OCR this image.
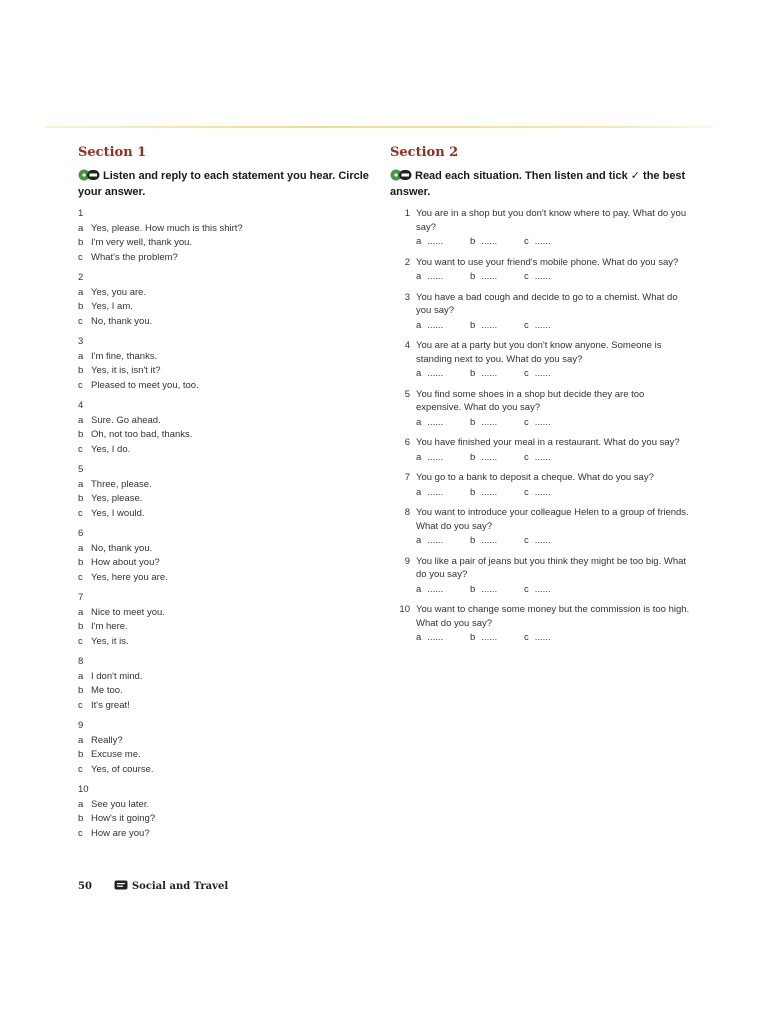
Section 1

Listen and reply to each statement you hear. Circle your answer.

1
a Yes, please. How much is this shirt?
b I'm very well, thank you.
c What's the problem?
2
a Yes, you are.
b Yes, I am.
c No, thank you.
3
a I'm fine, thanks.
b Yes, it is, isn't it?
c Pleased to meet you, too.
4
a Sure. Go ahead.
b Oh, not too bad, thanks.
c Yes, I do.
5
a Three, please.
b Yes, please.
c Yes, I would.
6
a No, thank you.
b How about you?
c Yes, here you are.
7
a Nice to meet you.
b I'm here.
c Yes, it is.
8
a I don't mind.
b Me too.
c It's great!
9
a Really?
b Excuse me.
c Yes, of course.
10
a See you later.
b How's it going?
c How are you?
Section 2

Read each situation. Then listen and tick ✓ the best answer.

1 You are in a shop but you don't know where to pay. What do you say?
a ......	b ......	c ......
2 You want to use your friend's mobile phone. What do you say?
a ......	b ......	c ......
3 You have a bad cough and decide to go to a chemist. What do you say?
a ......	b ......	c ......
4 You are at a party but you don't know anyone. Someone is standing next to you. What do you say?
a ......	b ......	c ......
5 You find some shoes in a shop but decide they are too expensive. What do you say?
a ......	b ......	c ......
6 You have finished your meal in a restaurant. What do you say?
a ......	b ......	c ......
7 You go to a bank to deposit a cheque. What do you say?
a ......	b ......	c ......
8 You want to introduce your colleague Helen to a group of friends. What do you say?
a ......	b ......	c ......
9 You like a pair of jeans but you think they might be too big. What do you say?
a ......	b ......	c ......
10 You want to change some money but the commission is too high. What do you say?
a ......	b ......	c ......
50	Social and Travel
